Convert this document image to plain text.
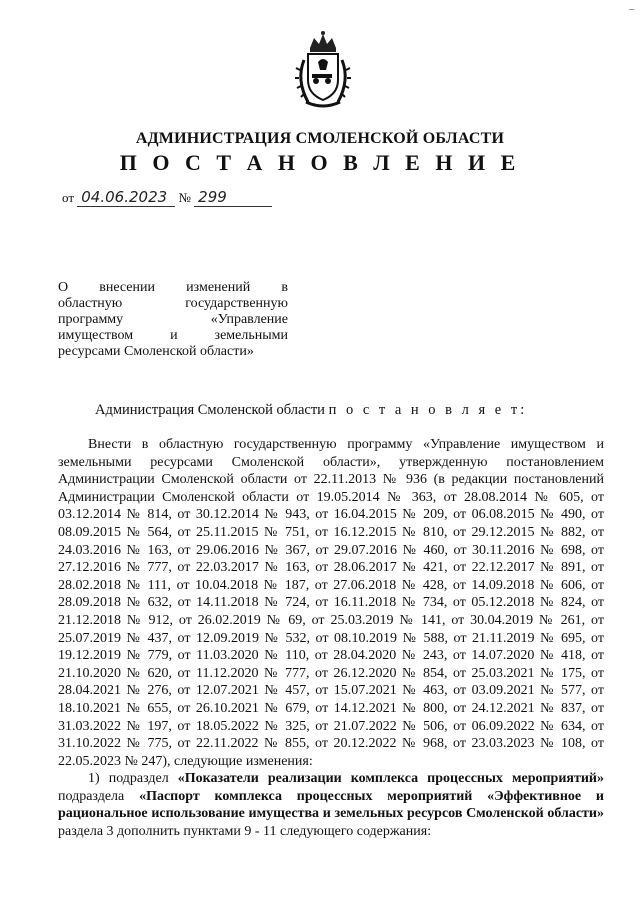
–
АДМИНИСТРАЦИЯ СМОЛЕНСКОЙ ОБЛАСТИ
П О С Т А Н О В Л Е Н И Е
от 04.06.2023 № 299
О внесении изменений в
областную государственную
программу «Управление
имуществом и земельными
ресурсами Смоленской области»
Администрация Смоленской области п о с т а н о в л я е т:

Внести в областную государственную программу «Управление имуществом и земельными ресурсами Смоленской области», утвержденную постановлением Администрации Смоленской области от 22.11.2013 № 936 (в редакции постановлений Администрации Смоленской области от 19.05.2014 № 363, от 28.08.2014 № 605, от 03.12.2014 № 814, от 30.12.2014 № 943, от 16.04.2015 № 209, от 06.08.2015 № 490, от 08.09.2015 № 564, от 25.11.2015 № 751, от 16.12.2015 № 810, от 29.12.2015 № 882, от 24.03.2016 № 163, от 29.06.2016 № 367, от 29.07.2016 № 460, от 30.11.2016 № 698, от 27.12.2016 № 777, от 22.03.2017 № 163, от 28.06.2017 № 421, от 22.12.2017 № 891, от 28.02.2018 № 111, от 10.04.2018 № 187, от 27.06.2018 № 428, от 14.09.2018 № 606, от 28.09.2018 № 632, от 14.11.2018 № 724, от 16.11.2018 № 734, от 05.12.2018 № 824, от 21.12.2018 № 912, от 26.02.2019 № 69, от 25.03.2019 № 141, от 30.04.2019 № 261, от 25.07.2019 № 437, от 12.09.2019 № 532, от 08.10.2019 № 588, от 21.11.2019 № 695, от 19.12.2019 № 779, от 11.03.2020 № 110, от 28.04.2020 № 243, от 14.07.2020 № 418, от 21.10.2020 № 620, от 11.12.2020 № 777, от 26.12.2020 № 854, от 25.03.2021 № 175, от 28.04.2021 № 276, от 12.07.2021 № 457, от 15.07.2021 № 463, от 03.09.2021 № 577, от 18.10.2021 № 655, от 26.10.2021 № 679, от 14.12.2021 № 800, от 24.12.2021 № 837, от 31.03.2022 № 197, от 18.05.2022 № 325, от 21.07.2022 № 506, от 06.09.2022 № 634, от 31.10.2022 № 775, от 22.11.2022 № 855, от 20.12.2022 № 968, от 23.03.2023 № 108, от 22.05.2023 № 247), следующие изменения:

1) подраздел «Показатели реализации комплекса процессных мероприятий» подраздела «Паспорт комплекса процессных мероприятий «Эффективное и рациональное использование имущества и земельных ресурсов Смоленской области» раздела 3 дополнить пунктами 9 - 11 следующего содержания:
